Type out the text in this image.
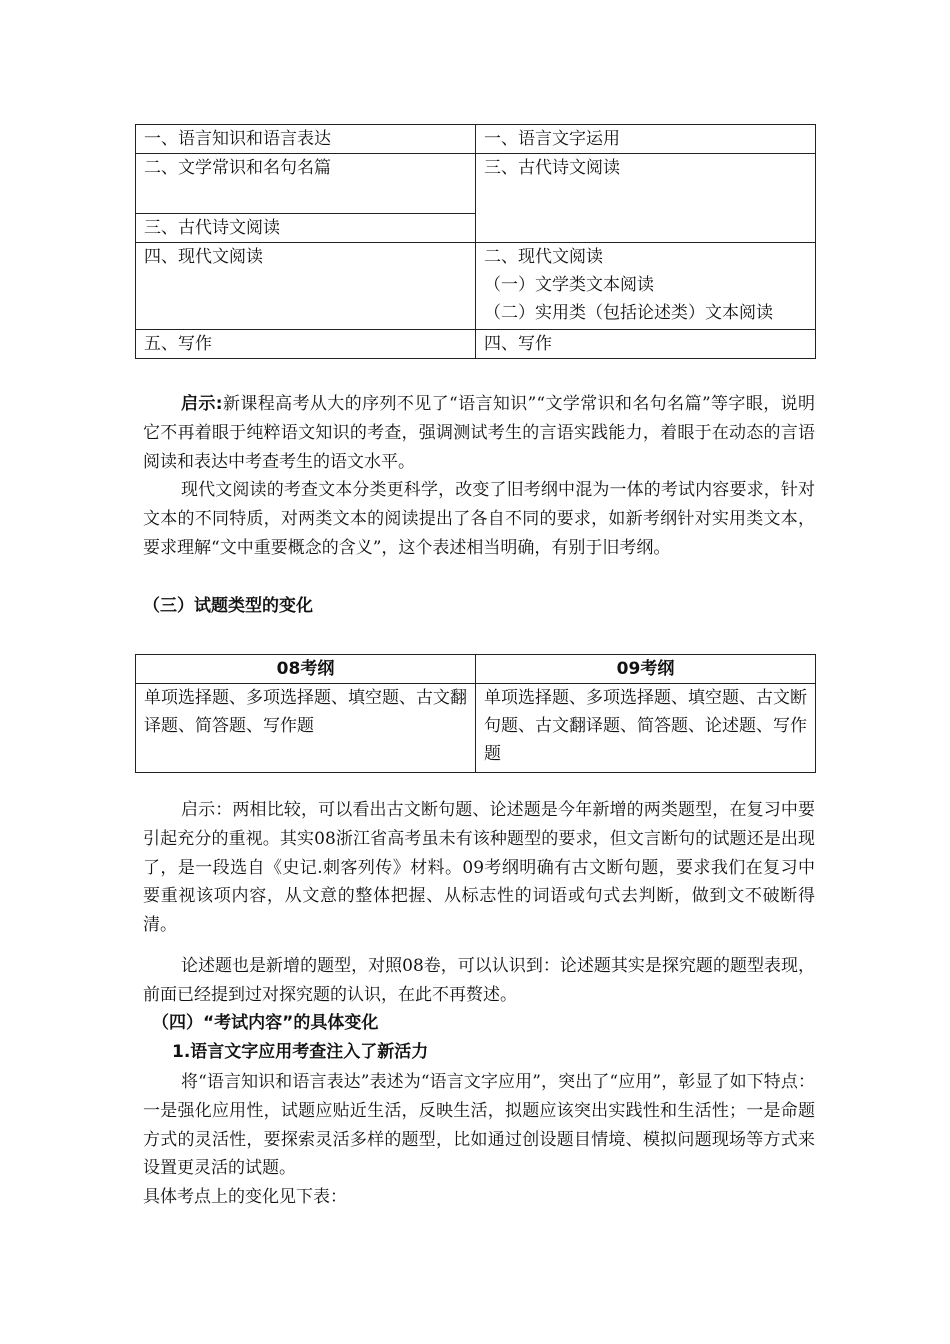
一、语言知识和语言表达	一、语言文字运用
二、文学常识和名句名篇	三、古代诗文阅读
三、古代诗文阅读	
四、现代文阅读	二、现代文阅读
（一）文学类文本阅读
（二）实用类（包括论述类）文本阅读

五、写作	四、写作

启示:新课程高考从大的序列不见了“语言知识”“文学常识和名句名篇”等字眼，说明它不再着眼于纯粹语文知识的考查，强调测试考生的言语实践能力，着眼于在动态的言语阅读和表达中考查考生的语文水平。

现代文阅读的考查文本分类更科学，改变了旧考纲中混为一体的考试内容要求，针对文本的不同特质，对两类文本的阅读提出了各自不同的要求，如新考纲针对实用类文本，要求理解“文中重要概念的含义”，这个表述相当明确，有别于旧考纲。

（三）试题类型的变化

08考纲	09考纲
单项选择题、多项选择题、填空题、古文翻译题、简答题、写作题	单项选择题、多项选择题、填空题、古文断句题、古文翻译题、简答题、论述题、写作题

启示：两相比较，可以看出古文断句题、论述题是今年新增的两类题型，在复习中要引起充分的重视。其实08浙江省高考虽未有该种题型的要求，但文言断句的试题还是出现了，是一段选自《史记.刺客列传》材料。09考纲明确有古文断句题，要求我们在复习中要重视该项内容，从文意的整体把握、从标志性的词语或句式去判断，做到文不破断得清。

论述题也是新增的题型，对照08卷，可以认识到：论述题其实是探究题的题型表现，前面已经提到过对探究题的认识，在此不再赘述。

（四）“考试内容”的具体变化

1.语言文字应用考查注入了新活力

将“语言知识和语言表达”表述为“语言文字应用”，突出了“应用”，彰显了如下特点：一是强化应用性，试题应贴近生活，反映生活，拟题应该突出实践性和生活性；一是命题方式的灵活性，要探索灵活多样的题型，比如通过创设题目情境、模拟问题现场等方式来设置更灵活的试题。

具体考点上的变化见下表：
